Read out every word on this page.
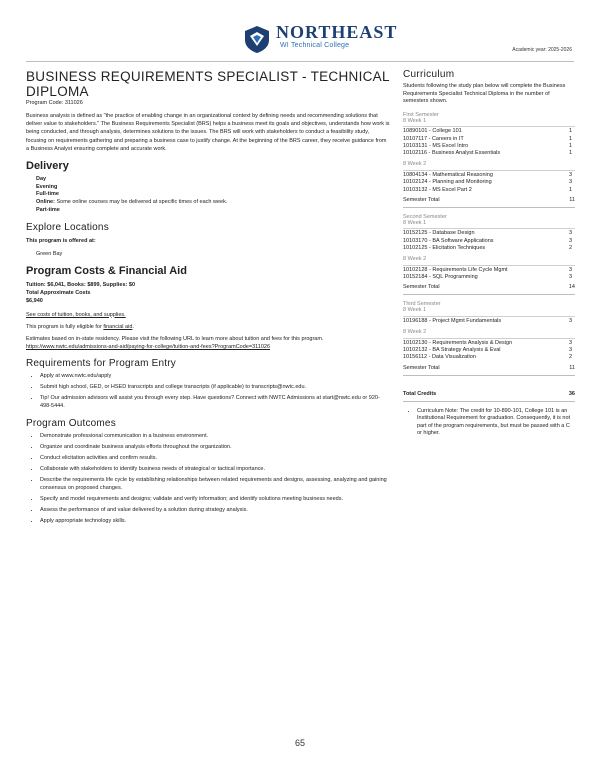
NORTHEAST
WI Technical College
Academic year: 2025-2026
BUSINESS REQUIREMENTS SPECIALIST - TECHNICAL DIPLOMA
Program Code: 311026

Business analysis is defined as "the practice of enabling change in an organizational context by defining needs and recommending solutions that deliver value to stakeholders." The Business Requirements Specialist (BRS) helps a business meet its goals and objectives, understands how work is being conducted, and through analysis, determines solutions to the issues. The BRS will work with stakeholders to conduct a feasibility study, focusing on requirements gathering and preparing a business case to justify change. At the beginning of the BRS career, they receive guidance from a Business Analyst ensuring complete and accurate work.

Delivery
Day
Evening
Full-time
Online: Some online courses may be delivered at specific times of each week.
Part-time
Explore Locations

This program is offered at:

Green Bay

Program Costs & Financial Aid

Tuition: $6,041, Books: $899, Supplies: $0

Total Approximate Costs

$6,940

See costs of tuition, books, and supplies.

This program is fully eligible for financial aid.

Estimates based on in-state residency. Please visit the following URL to learn more about tuition and fees for this program.

https://www.nwtc.edu/admissions-and-aid/paying-for-college/tuition-and-fees?ProgramCode=311026

Requirements for Program Entry
• Apply at www.nwtc.edu/apply
• Submit high school, GED, or HSED transcripts and college transcripts (if applicable) to transcripts@nwtc.edu.
• Tip! Our admission advisors will assist you through every step. Have questions? Connect with NWTC Admissions at start@nwtc.edu or 920-498-5444.
Program Outcomes
• Demonstrate professional communication in a business environment.
• Organize and coordinate business analysis efforts throughout the organization.
• Conduct elicitation activities and confirm results.
• Collaborate with stakeholders to identify business needs of strategical or tactical importance.
• Describe the requirements life cycle by establishing relationships between related requirements and designs, assessing, analyzing and gaining consensus on proposed changes.
• Specify and model requirements and designs; validate and verify information; and identify solutions meeting business needs.
• Assess the performance of and value delivered by a solution during strategy analysis.
• Apply appropriate technology skills.
Curriculum
Students following the study plan below will complete the Business Requirements Specialist Technical Diploma in the number of semesters shown.
First Semester
8 Week 1
10890101 - College 101	1
10107117 - Careers in IT	1
10103131 - MS Excel Intro	1
10102116 - Business Analyst Essentials	1
8 Week 2
10804134 - Mathematical Reasoning	3
10102124 - Planning and Monitoring	3
10103132 - MS Excel Part 2	1
Semester Total	11
Second Semester
8 Week 1
10152125 - Database Design	3
10103170 - BA Software Applications	3
10102125 - Elicitation Techniques	2
8 Week 2
10102128 - Requirements Life Cycle Mgmt	3
10152184 - SQL Programming	3
Semester Total	14
Third Semester
8 Week 1
10196188 - Project Mgmt Fundamentals	3
8 Week 2
10102130 - Requirements Analysis & Design	3
10102132 - BA Strategy Analysis & Eval	3
10156112 - Data Visualization	2
Semester Total	11
Total Credits	36
• Curriculum Note: The credit for 10-890-101, College 101 is an Institutional Requirement for graduation. Consequently, it is not part of the program requirements, but must be passed with a C or higher.
65
